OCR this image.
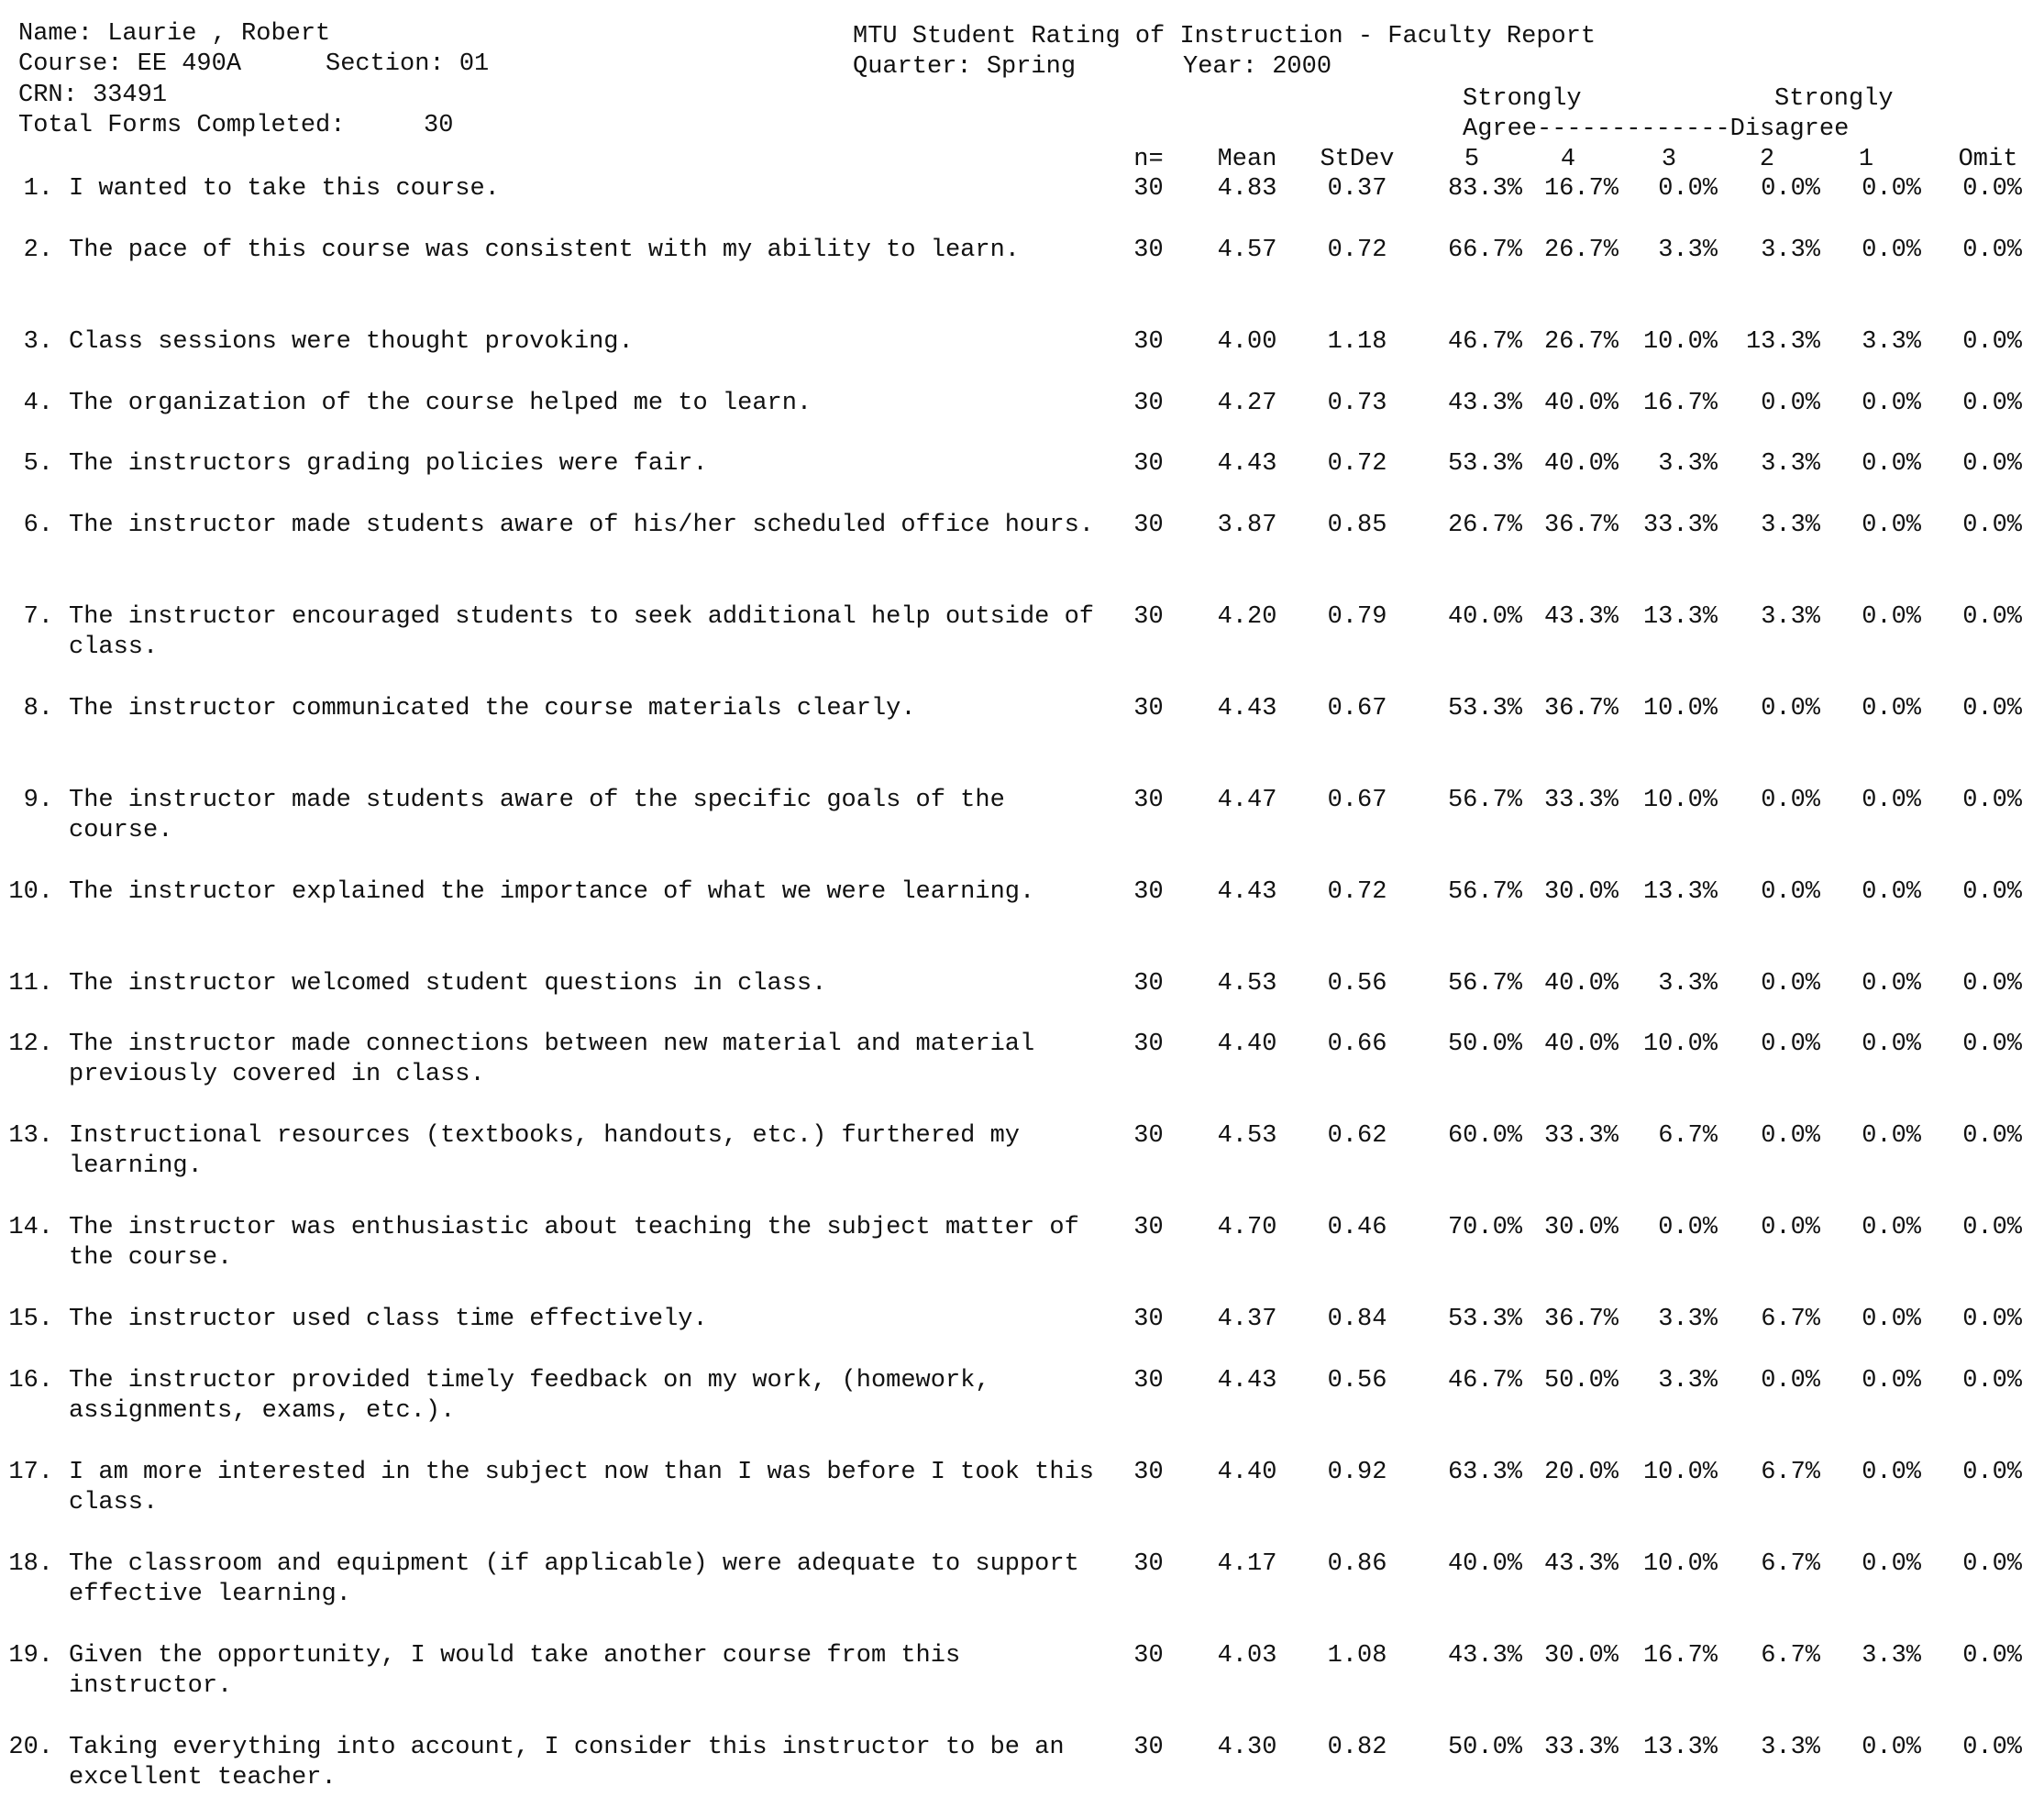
Name: Laurie , Robert
Course: EE 490A	Section: 01
CRN: 33491
Total Forms Completed:	30
MTU Student Rating of Instruction - Faculty Report
Quarter: Spring	Year: 2000
Strongly	Strongly
Agree-------------Disagree
n=	Mean	StDev	5	4	3	2	1	Omit
1. I wanted to take this course.	30	4.83	0.37	83.3% 16.7%	0.0%	0.0%	0.0%	0.0%
2. The pace of this course was consistent with my ability to learn.	30	4.57	0.72	66.7% 26.7%	3.3%	3.3%	0.0%	0.0%
3. Class sessions were thought provoking.	30	4.00	1.18	46.7% 26.7% 10.0%	13.3%	3.3%	0.0%
4. The organization of the course helped me to learn.	30	4.27	0.73	43.3% 40.0% 16.7%	0.0%	0.0%	0.0%
5. The instructors grading policies were fair.	30	4.43	0.72	53.3% 40.0%	3.3%	3.3%	0.0%	0.0%
6. The instructor made students aware of his/her scheduled office hours. 30	3.87	0.85	26.7% 36.7% 33.3%	3.3%	0.0%	0.0%
7. The instructor encouraged students to seek additional help outside of class.
30	4.20	0.79	40.0% 43.3% 13.3%	3.3%	0.0%	0.0%
8. The instructor communicated the course materials clearly.	30	4.43	0.67	53.3% 36.7% 10.0%	0.0%	0.0%	0.0%
9. The instructor made students aware of the specific goals of the course.
30	4.47	0.67	56.7% 33.3% 10.0%	0.0%	0.0%	0.0%
10. The instructor explained the importance of what we were learning.	30	4.43	0.72	56.7% 30.0% 13.3%	0.0%	0.0%	0.0%
11. The instructor welcomed student questions in class.	30	4.53	0.56	56.7% 40.0%	3.3%	0.0%	0.0%	0.0%
12. The instructor made connections between new material and material previously covered in class.
30	4.40	0.66	50.0% 40.0% 10.0%	0.0%	0.0%	0.0%
13. Instructional resources (textbooks, handouts, etc.) furthered my learning.
30	4.53	0.62	60.0% 33.3%	6.7%	0.0%	0.0%	0.0%
14. The instructor was enthusiastic about teaching the subject matter of the course.
30	4.70	0.46	70.0% 30.0%	0.0%	0.0%	0.0%	0.0%
15. The instructor used class time effectively.	30	4.37	0.84	53.3% 36.7%	3.3%	6.7%	0.0%	0.0%
16. The instructor provided timely feedback on my work, (homework, assignments, exams, etc.).
30	4.43	0.56	46.7% 50.0%	3.3%	0.0%	0.0%	0.0%
17. I am more interested in the subject now than I was before I took this class.
30	4.40	0.92	63.3% 20.0% 10.0%	6.7%	0.0%	0.0%
18. The classroom and equipment (if applicable) were adequate to support effective learning.
30	4.17	0.86	40.0% 43.3% 10.0%	6.7%	0.0%	0.0%
19. Given the opportunity, I would take another course from this instructor.
30	4.03	1.08	43.3% 30.0% 16.7%	6.7%	3.3%	0.0%
20. Taking everything into account, I consider this instructor to be an excellent teacher.
30	4.30	0.82	50.0% 33.3% 13.3%	3.3%	0.0%	0.0%
